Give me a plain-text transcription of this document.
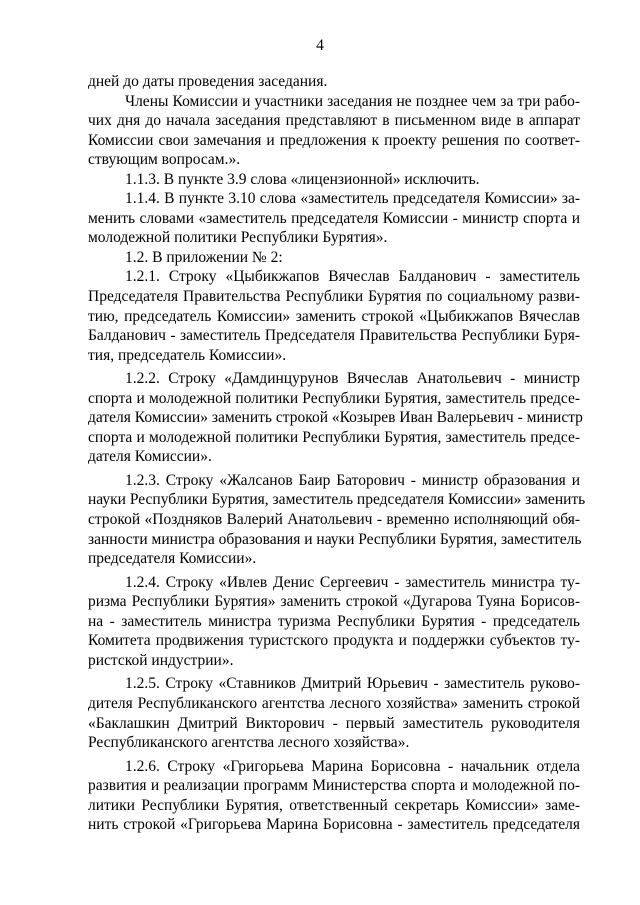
4
дней до даты проведения заседания.
Члены Комиссии и участники заседания не позднее чем за три рабо-
чих дня до начала заседания представляют в письменном виде в аппарат
Комиссии свои замечания и предложения к проекту решения по соответ-
ствующим вопросам.».
1.1.3. В пункте 3.9 слова «лицензионной» исключить.
1.1.4. В пункте 3.10 слова «заместитель председателя Комиссии» за-
менить словами «заместитель председателя Комиссии - министр спорта и
молодежной политики Республики Бурятия».
1.2. В приложении № 2:
1.2.1. Строку «Цыбикжапов Вячеслав Балданович - заместитель
Председателя Правительства Республики Бурятия по социальному разви-
тию, председатель Комиссии» заменить строкой «Цыбикжапов Вячеслав
Балданович - заместитель Председателя Правительства Республики Буря-
тия, председатель Комиссии».
1.2.2. Строку «Дамдинцурунов Вячеслав Анатольевич - министр
спорта и молодежной политики Республики Бурятия, заместитель предсе-
дателя Комиссии» заменить строкой «Козырев Иван Валерьевич - министр
спорта и молодежной политики Республики Бурятия, заместитель предсе-
дателя Комиссии».
1.2.3. Строку «Жалсанов Баир Баторович - министр образования и
науки Республики Бурятия, заместитель председателя Комиссии» заменить
строкой «Поздняков Валерий Анатольевич - временно исполняющий обя-
занности министра образования и науки Республики Бурятия, заместитель
председателя Комиссии».
1.2.4. Строку «Ивлев Денис Сергеевич - заместитель министра ту-
ризма Республики Бурятия» заменить строкой «Дугарова Туяна Борисов-
на - заместитель министра туризма Республики Бурятия - председатель
Комитета продвижения туристского продукта и поддержки субъектов ту-
ристской индустрии».
1.2.5. Строку «Ставников Дмитрий Юрьевич - заместитель руково-
дителя Республиканского агентства лесного хозяйства» заменить строкой
«Баклашкин Дмитрий Викторович - первый заместитель руководителя
Республиканского агентства лесного хозяйства».
1.2.6. Строку «Григорьева Марина Борисовна - начальник отдела
развития и реализации программ Министерства спорта и молодежной по-
литики Республики Бурятия, ответственный секретарь Комиссии» заме-
нить строкой «Григорьева Марина Борисовна - заместитель председателя
